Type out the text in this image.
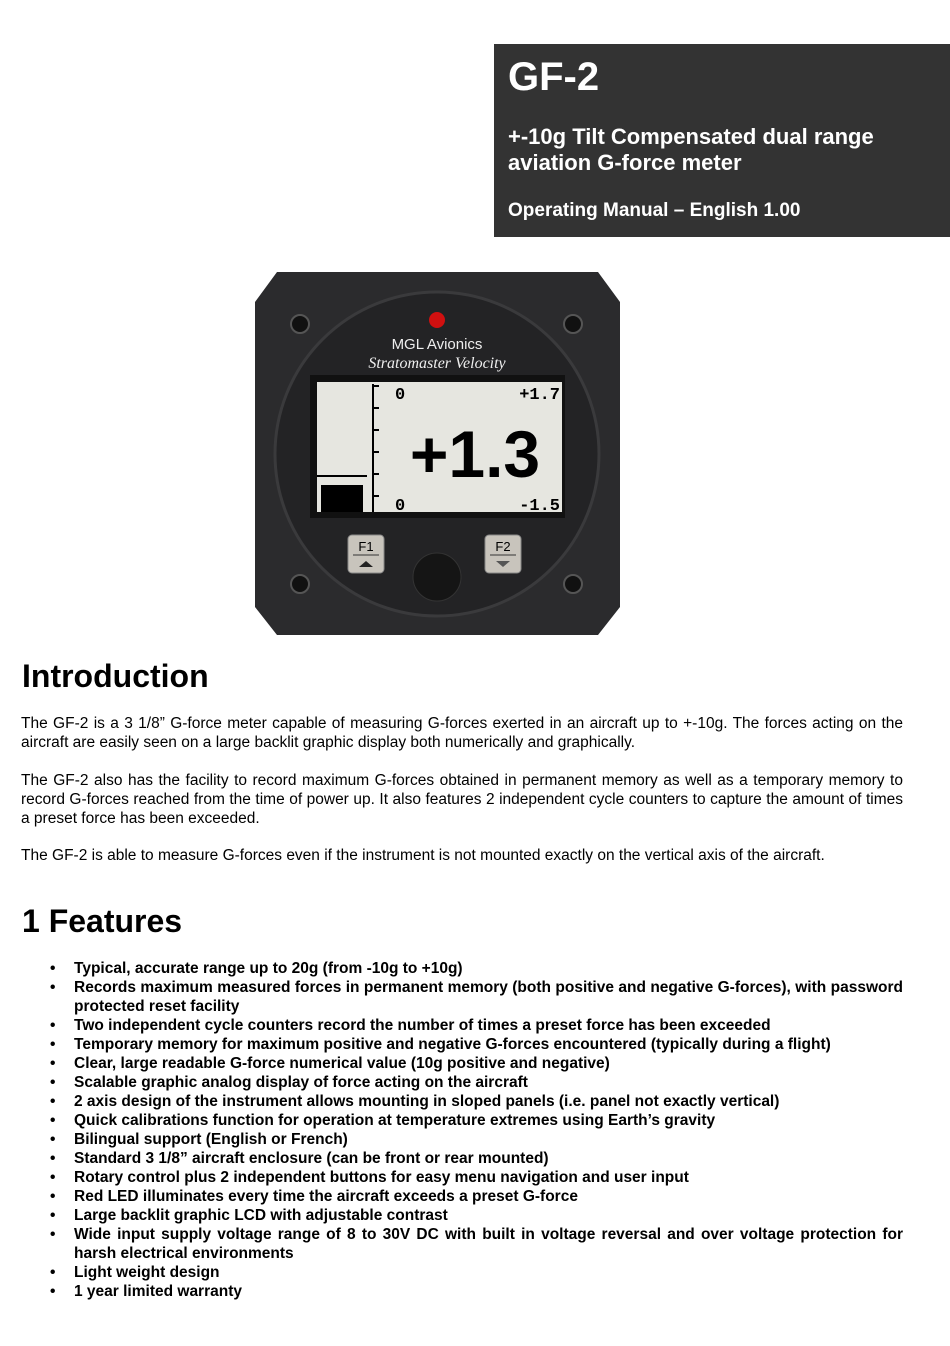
GF-2
+-10g Tilt Compensated dual range aviation G-force meter
Operating Manual – English 1.00
MGL Avionics
Stratomaster Velocity
0	+1.7
+1.3
0	-1.5
F1	F2
Introduction
The GF-2 is a 3 1/8” G-force meter capable of measuring G-forces exerted in an aircraft up to +-10g. The forces acting on the aircraft are easily seen on a large backlit graphic display both numerically and graphically.
The GF-2 also has the facility to record maximum G-forces obtained in permanent memory as well as a temporary memory to record G-forces reached from the time of power up. It also features 2 independent cycle counters to capture the amount of times a preset force has been exceeded.
The GF-2 is able to measure G-forces even if the instrument is not mounted exactly on the vertical axis of the aircraft.
1 Features
• Typical, accurate range up to 20g (from -10g to +10g)
• Records maximum measured forces in permanent memory (both positive and negative G-forces), with password protected reset facility
• Two independent cycle counters record the number of times a preset force has been exceeded
• Temporary memory for maximum positive and negative G-forces encountered (typically during a flight)
• Clear, large readable G-force numerical value (10g positive and negative)
• Scalable graphic analog display of force acting on the aircraft
• 2 axis design of the instrument allows mounting in sloped panels (i.e. panel not exactly vertical)
• Quick calibrations function for operation at temperature extremes using Earth’s gravity
• Bilingual support (English or French)
• Standard 3 1/8” aircraft enclosure (can be front or rear mounted)
• Rotary control plus 2 independent buttons for easy menu navigation and user input
• Red LED illuminates every time the aircraft exceeds a preset G-force
• Large backlit graphic LCD with adjustable contrast
• Wide input supply voltage range of 8 to 30V DC with built in voltage reversal and over voltage protection for harsh electrical environments
• Light weight design
• 1 year limited warranty
